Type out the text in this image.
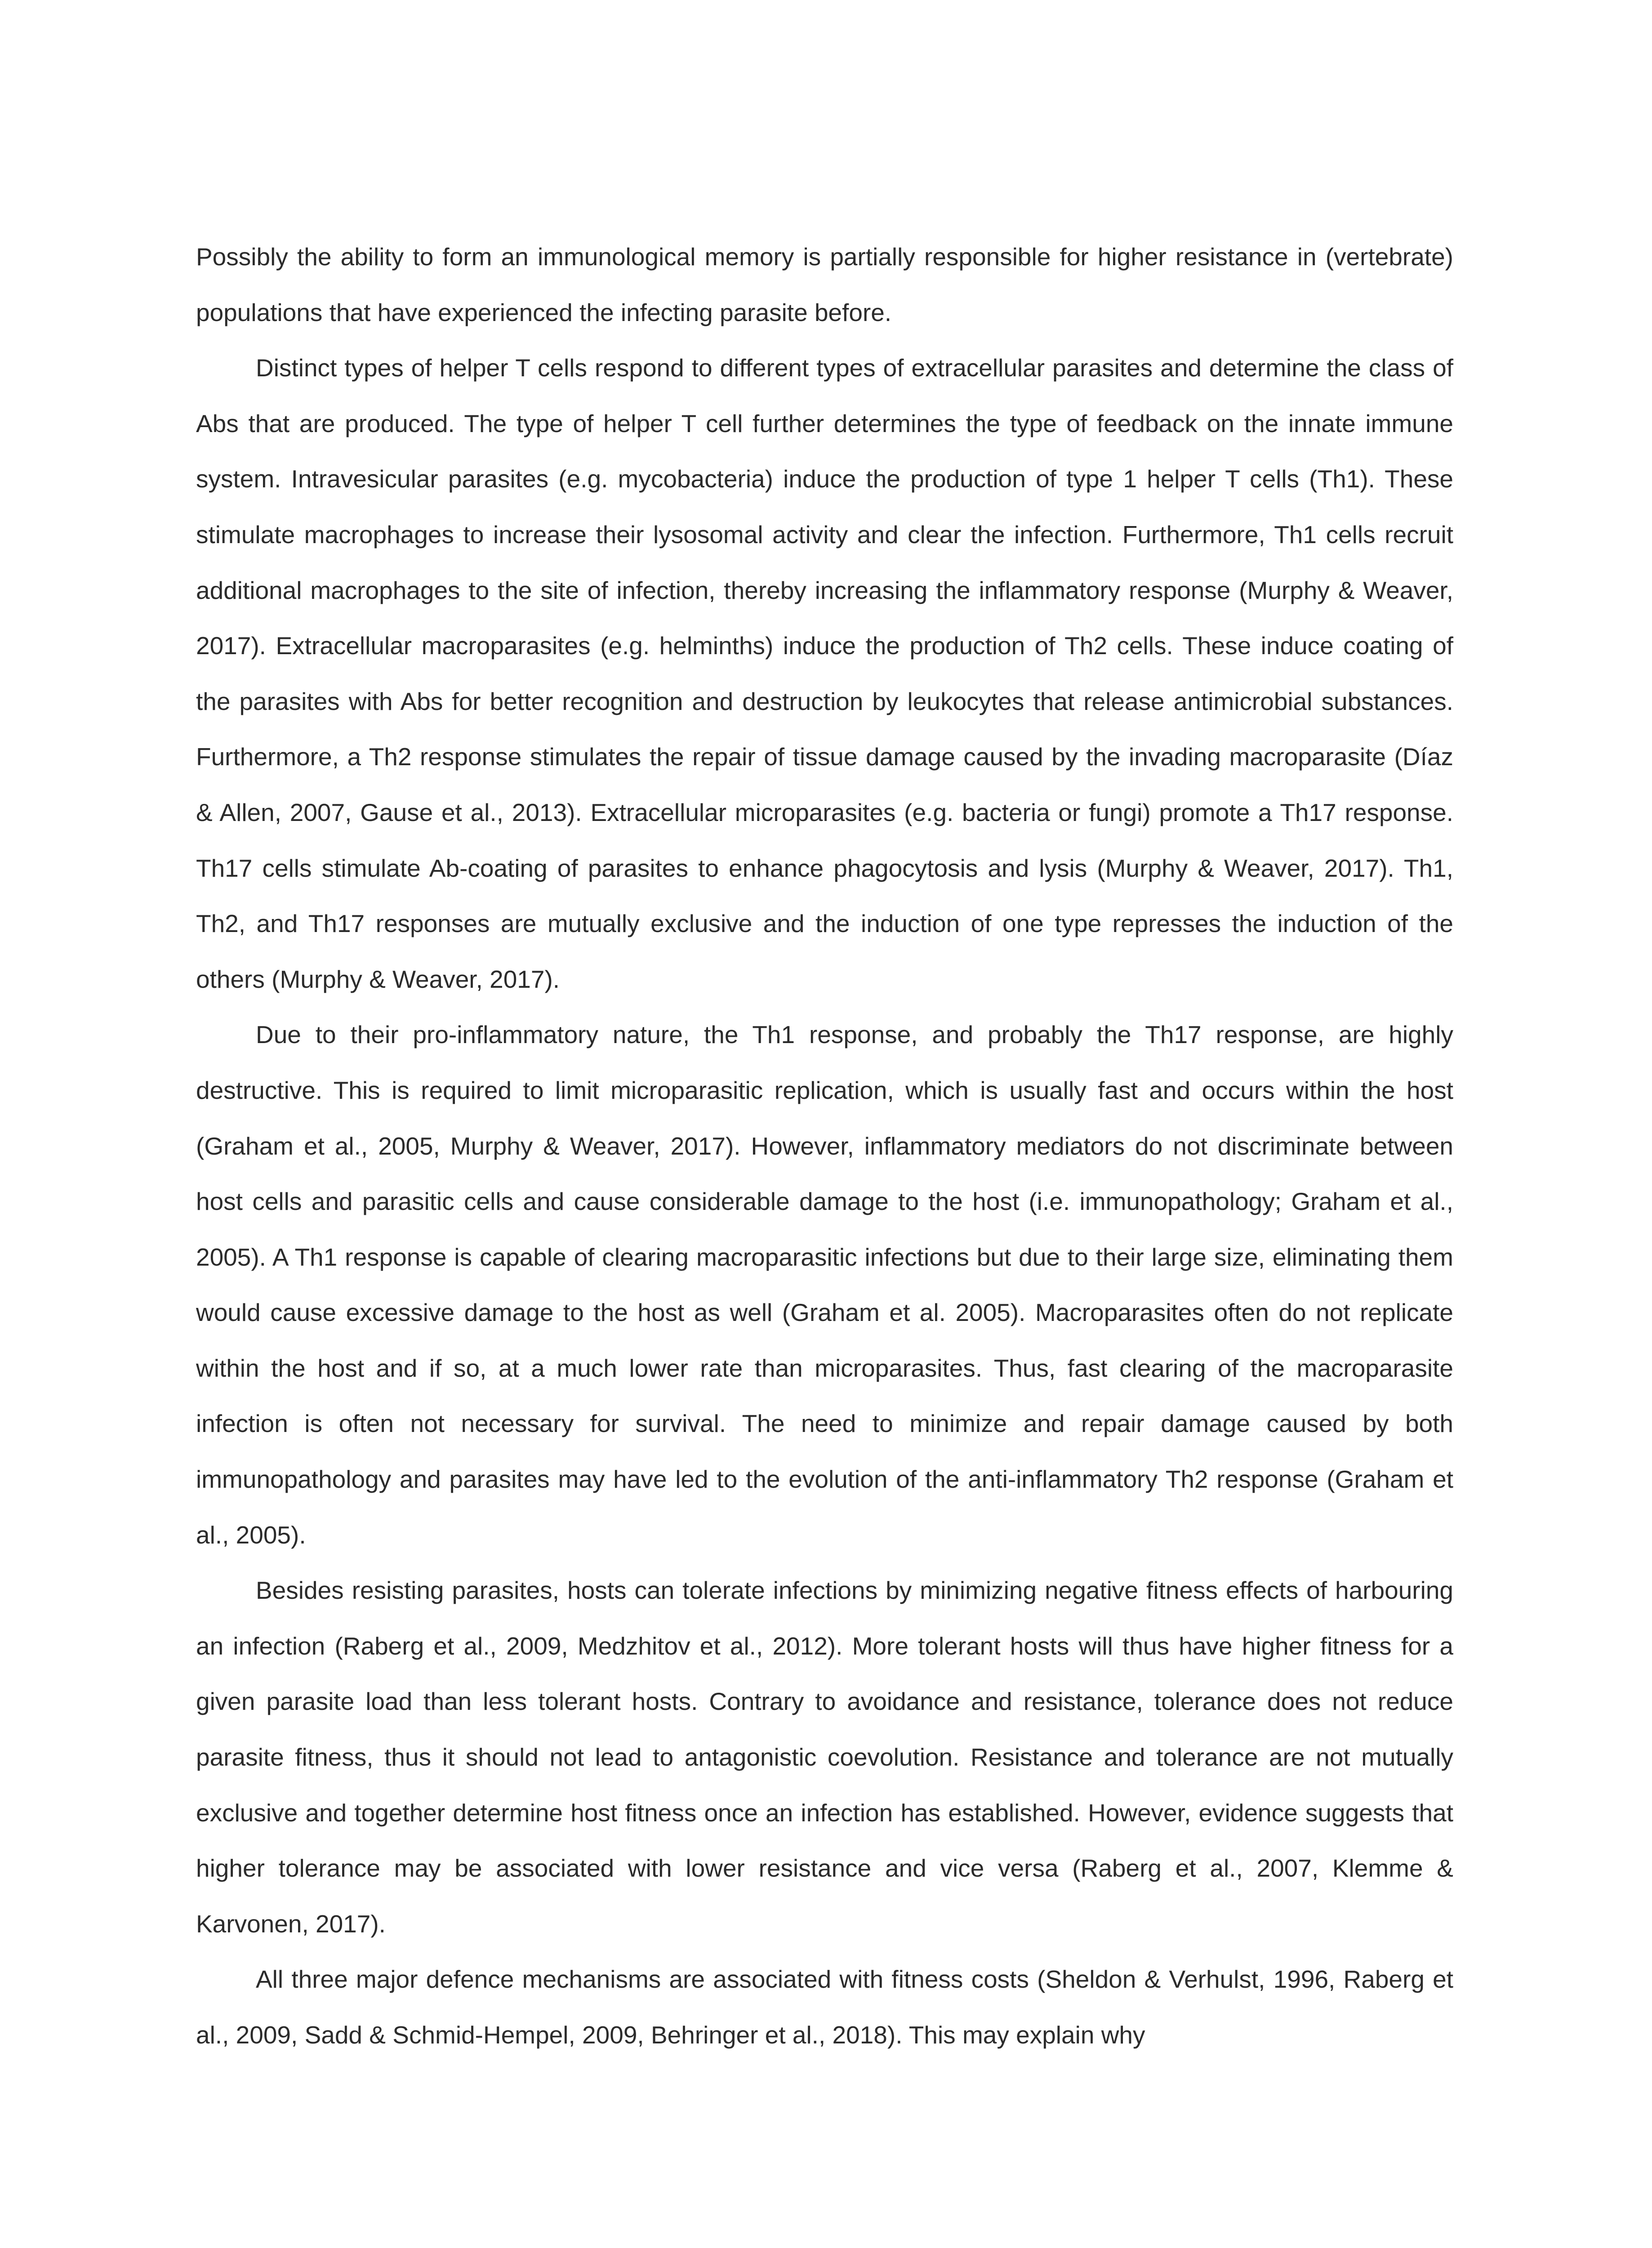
Possibly the ability to form an immunological memory is partially responsible for higher resistance in (vertebrate) populations that have experienced the infecting parasite before.

Distinct types of helper T cells respond to different types of extracellular parasites and determine the class of Abs that are produced. The type of helper T cell further determines the type of feedback on the innate immune system. Intravesicular parasites (e.g. mycobacteria) induce the production of type 1 helper T cells (Th1). These stimulate macrophages to increase their lysosomal activity and clear the infection. Furthermore, Th1 cells recruit additional macrophages to the site of infection, thereby increasing the inflammatory response (Murphy & Weaver, 2017). Extracellular macroparasites (e.g. helminths) induce the production of Th2 cells. These induce coating of the parasites with Abs for better recognition and destruction by leukocytes that release antimicrobial substances. Furthermore, a Th2 response stimulates the repair of tissue damage caused by the invading macroparasite (Díaz & Allen, 2007, Gause et al., 2013). Extracellular microparasites (e.g. bacteria or fungi) promote a Th17 response. Th17 cells stimulate Ab-coating of parasites to enhance phagocytosis and lysis (Murphy & Weaver, 2017). Th1, Th2, and Th17 responses are mutually exclusive and the induction of one type represses the induction of the others (Murphy & Weaver, 2017).

Due to their pro-inflammatory nature, the Th1 response, and probably the Th17 response, are highly destructive. This is required to limit microparasitic replication, which is usually fast and occurs within the host (Graham et al., 2005, Murphy & Weaver, 2017). However, inflammatory mediators do not discriminate between host cells and parasitic cells and cause considerable damage to the host (i.e. immunopathology; Graham et al., 2005). A Th1 response is capable of clearing macroparasitic infections but due to their large size, eliminating them would cause excessive damage to the host as well (Graham et al. 2005). Macroparasites often do not replicate within the host and if so, at a much lower rate than microparasites. Thus, fast clearing of the macroparasite infection is often not necessary for survival. The need to minimize and repair damage caused by both immunopathology and parasites may have led to the evolution of the anti-inflammatory Th2 response (Graham et al., 2005).

Besides resisting parasites, hosts can tolerate infections by minimizing negative fitness effects of harbouring an infection (Raberg et al., 2009, Medzhitov et al., 2012). More tolerant hosts will thus have higher fitness for a given parasite load than less tolerant hosts. Contrary to avoidance and resistance, tolerance does not reduce parasite fitness, thus it should not lead to antagonistic coevolution. Resistance and tolerance are not mutually exclusive and together determine host fitness once an infection has established. However, evidence suggests that higher tolerance may be associated with lower resistance and vice versa (Raberg et al., 2007, Klemme & Karvonen, 2017).

All three major defence mechanisms are associated with fitness costs (Sheldon & Verhulst, 1996, Raberg et al., 2009, Sadd & Schmid-Hempel, 2009, Behringer et al., 2018). This may explain why
